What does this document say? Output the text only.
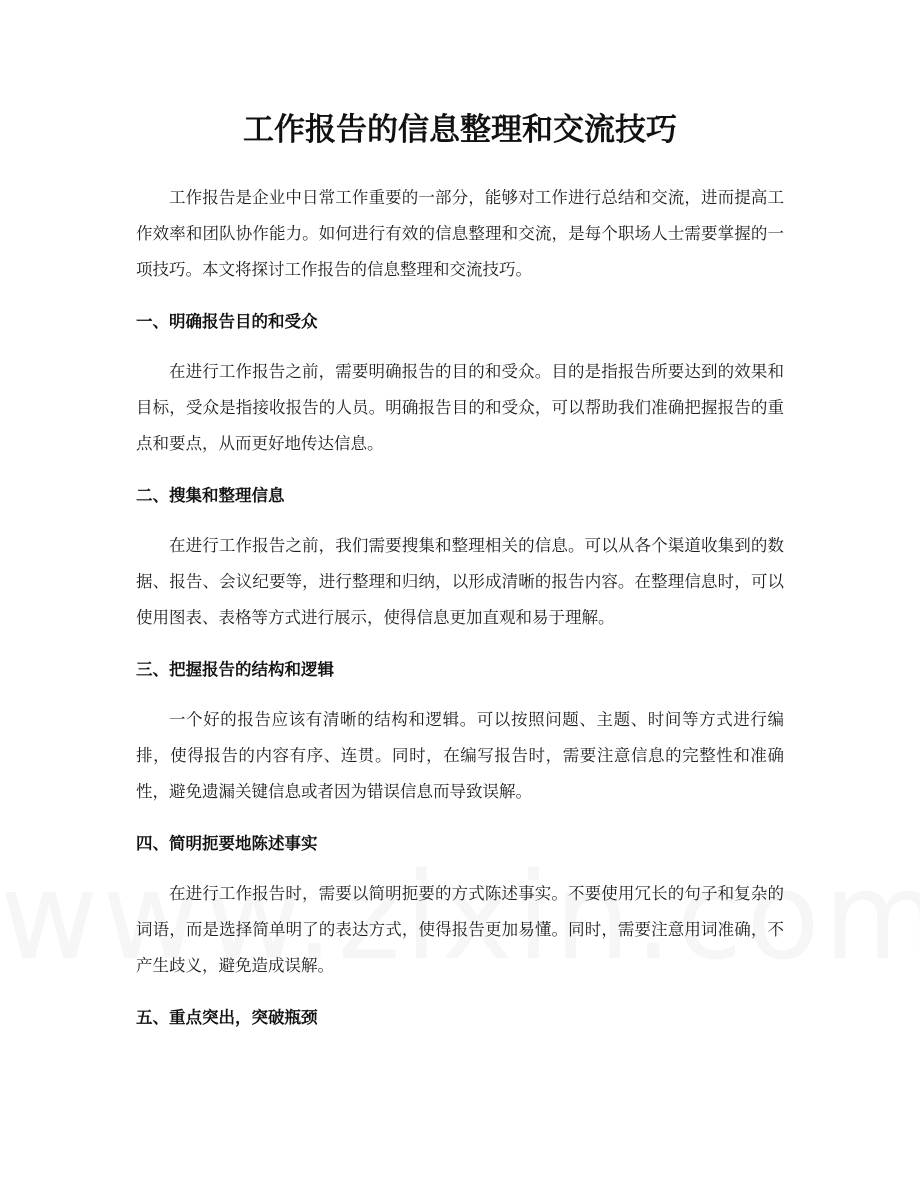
工作报告的信息整理和交流技巧

工作报告是企业中日常工作重要的一部分，能够对工作进行总结和交流，进而提高工作效率和团队协作能力。如何进行有效的信息整理和交流，是每个职场人士需要掌握的一项技巧。本文将探讨工作报告的信息整理和交流技巧。

一、明确报告目的和受众

在进行工作报告之前，需要明确报告的目的和受众。目的是指报告所要达到的效果和目标，受众是指接收报告的人员。明确报告目的和受众，可以帮助我们准确把握报告的重点和要点，从而更好地传达信息。

二、搜集和整理信息

在进行工作报告之前，我们需要搜集和整理相关的信息。可以从各个渠道收集到的数据、报告、会议纪要等，进行整理和归纳，以形成清晰的报告内容。在整理信息时，可以使用图表、表格等方式进行展示，使得信息更加直观和易于理解。

三、把握报告的结构和逻辑

一个好的报告应该有清晰的结构和逻辑。可以按照问题、主题、时间等方式进行编排，使得报告的内容有序、连贯。同时，在编写报告时，需要注意信息的完整性和准确性，避免遗漏关键信息或者因为错误信息而导致误解。

四、简明扼要地陈述事实

在进行工作报告时，需要以简明扼要的方式陈述事实。不要使用冗长的句子和复杂的词语，而是选择简单明了的表达方式，使得报告更加易懂。同时，需要注意用词准确，不产生歧义，避免造成误解。

五、重点突出，突破瓶颈
